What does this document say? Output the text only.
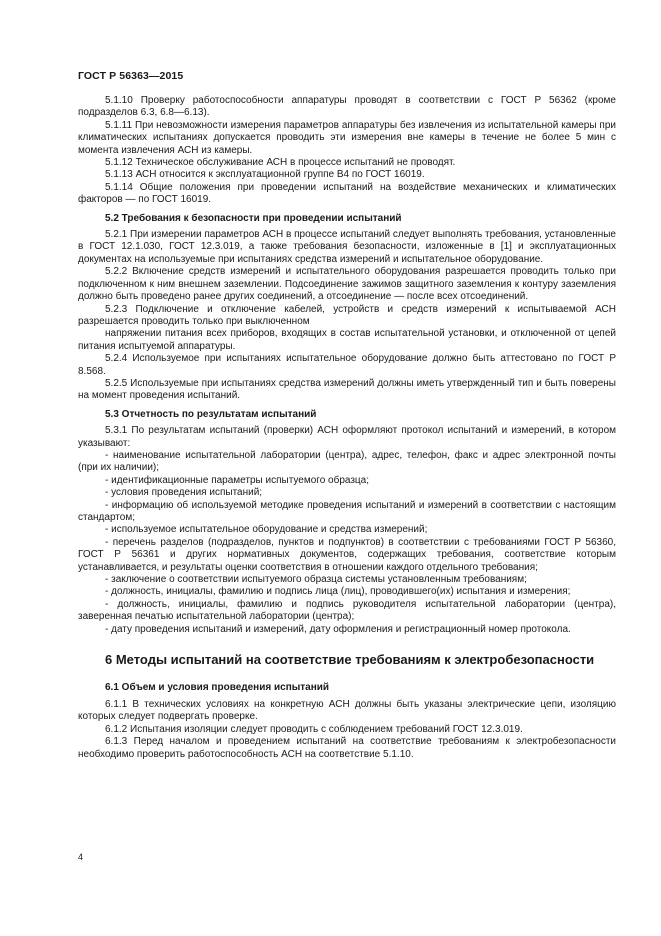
ГОСТ Р 56363—2015

5.1.10 Проверку работоспособности аппаратуры проводят в соответствии с ГОСТ Р 56362 (кроме подразделов 6.3, 6.8—6.13).

5.1.11 При невозможности измерения параметров аппаратуры без извлечения из испытательной камеры при климатических испытаниях допускается проводить эти измерения вне камеры в течение не более 5 мин с момента извлечения АСН из камеры.

5.1.12 Техническое обслуживание АСН в процессе испытаний не проводят.

5.1.13 АСН относится к эксплуатационной группе В4 по ГОСТ 16019.

5.1.14 Общие положения при проведении испытаний на воздействие механических и климатических факторов — по ГОСТ 16019.

5.2 Требования к безопасности при проведении испытаний

5.2.1 При измерении параметров АСН в процессе испытаний следует выполнять требования, установленные в ГОСТ 12.1.030, ГОСТ 12.3.019, а также требования безопасности, изложенные в [1] и эксплуатационных документах на используемые при испытаниях средства измерений и испытательное оборудование.

5.2.2 Включение средств измерений и испытательного оборудования разрешается проводить только при подключенном к ним внешнем заземлении. Подсоединение зажимов защитного заземления к контуру заземления должно быть проведено ранее других соединений, а отсоединение — после всех отсоединений.

5.2.3 Подключение и отключение кабелей, устройств и средств измерений к испытываемой АСН разрешается проводить только при выключенном

напряжении питания всех приборов, входящих в состав испытательной установки, и отключенной от цепей питания испытуемой аппаратуры.

5.2.4 Используемое при испытаниях испытательное оборудование должно быть аттестовано по ГОСТ Р 8.568.

5.2.5 Используемые при испытаниях средства измерений должны иметь утвержденный тип и быть поверены на момент проведения испытаний.

5.3 Отчетность по результатам испытаний

5.3.1 По результатам испытаний (проверки) АСН оформляют протокол испытаний и измерений, в котором указывают:

- наименование испытательной лаборатории (центра), адрес, телефон, факс и адрес электронной почты (при их наличии);

- идентификационные параметры испытуемого образца;

- условия проведения испытаний;

- информацию об используемой методике проведения испытаний и измерений в соответствии с настоящим стандартом;

- используемое испытательное оборудование и средства измерений;

- перечень разделов (подразделов, пунктов и подпунктов) в соответствии с требованиями ГОСТ Р 56360, ГОСТ Р 56361 и других нормативных документов, содержащих требования, соответствие которым устанавливается, и результаты оценки соответствия в отношении каждого отдельного требования;

- заключение о соответствии испытуемого образца системы установленным требованиям;

- должность, инициалы, фамилию и подпись лица (лиц), проводившего(их) испытания и измерения;

- должность, инициалы, фамилию и подпись руководителя испытательной лаборатории (центра), заверенная печатью испытательной лаборатории (центра);

- дату проведения испытаний и измерений, дату оформления и регистрационный номер протокола.

6 Методы испытаний на соответствие требованиям к электробезопасности

6.1 Объем и условия проведения испытаний

6.1.1 В технических условиях на конкретную АСН должны быть указаны электрические цепи, изоляцию которых следует подвергать проверке.

6.1.2 Испытания изоляции следует проводить с соблюдением требований ГОСТ 12.3.019.

6.1.3 Перед началом и проведением испытаний на соответствие требованиям к электробезопасности необходимо проверить работоспособность АСН на соответствие 5.1.10.

4
